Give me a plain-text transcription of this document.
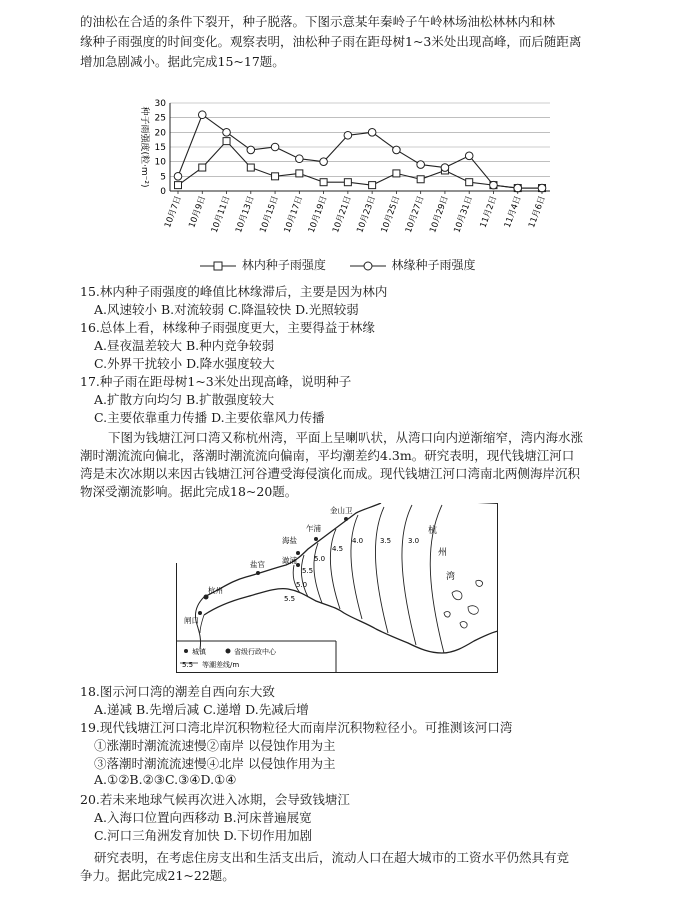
的油松在合适的条件下裂开，种子脱落。下图示意某年秦岭子午岭林场油松林林内和林
缘种子雨强度的时间变化。观察表明，油松种子雨在距母树1~3米处出现高峰，而后随距离
增加急剧减小。据此完成15~17题。
0
5
10
15
20
25
30
种子雨强度(粒·m⁻²)
10月7日 10月9日 10月11日 10月13日 10月15日 10月17日 10月19日 10月21日 10月23日 10月25日 10月27日 10月29日 10月31日 11月2日 11月4日 11月6日
林内种子雨强度	林缘种子雨强度
15.林内种子雨强度的峰值比林缘滞后，主要是因为林内
A.风速较小 B.对流较弱 C.降温较快 D.光照较弱
16.总体上看，林缘种子雨强度更大，主要得益于林缘
A.昼夜温差较大 B.种内竞争较弱
C.外界干扰较小 D.降水强度较大
17.种子雨在距母树1~3米处出现高峰，说明种子
A.扩散方向均匀 B.扩散强度较大
C.主要依靠重力传播 D.主要依靠风力传播
下图为钱塘江河口湾又称杭州湾，平面上呈喇叭状，从湾口向内逆渐缩窄，湾内海水涨
潮时潮流流向偏北，落潮时潮流流向偏南，平均潮差约4.3m。研究表明，现代钱塘江河口
湾是末次冰期以来因古钱塘江河谷遭受海侵演化而成。现代钱塘江河口湾南北两侧海岸沉积
物深受潮流影响。据此完成18~20题。
5.5
5.0
5.5
5.0
4.5
4.0 3.5 3.0
金山卫
乍浦
海盐
澉浦
盐官
杭州
闸口
杭
州
湾
城镇	省级行政中心
5.5 等潮差线/m
18.图示河口湾的潮差自西向东大致
A.递减 B.先增后减 C.递增 D.先减后增
19.现代钱塘江河口湾北岸沉积物粒径大而南岸沉积物粒径小。可推测该河口湾
①涨潮时潮流流速慢②南岸 以侵蚀作用为主
③落潮时潮流流速慢④北岸 以侵蚀作用为主
A.①②B.②③C.③④D.①④
20.若未来地球气候再次进入冰期，会导致钱塘江
A.入海口位置向西移动 B.河床普遍展宽
C.河口三角洲发育加快 D.下切作用加剧
研究表明，在考虑住房支出和生活支出后，流动人口在超大城市的工资水平仍然具有竞
争力。据此完成21~22题。
